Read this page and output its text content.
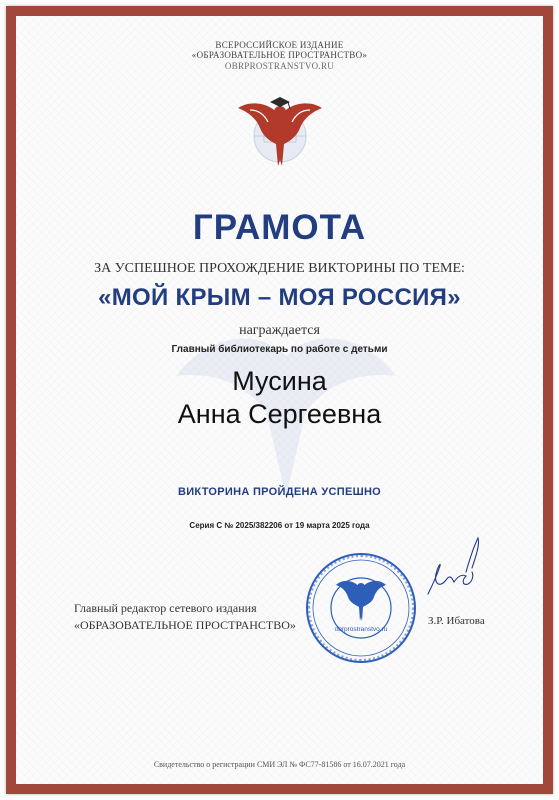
ВСЕРОССИЙСКОЕ ИЗДАНИЕ
«ОБРАЗОВАТЕЛЬНОЕ ПРОСТРАНСТВО»
OBRPROSTRANSTVO.RU
ГРАМОТА
ЗА УСПЕШНОЕ ПРОХОЖДЕНИЕ ВИКТОРИНЫ ПО ТЕМЕ:
«МОЙ КРЫМ – МОЯ РОССИЯ»
награждается
Главный библиотекарь по работе с детьми
Мусина
Анна Сергеевна
ВИКТОРИНА ПРОЙДЕНА УСПЕШНО
Серия С № 2025/382206 от 19 марта 2025 года
Главный редактор сетевого издания
«ОБРАЗОВАТЕЛЬНОЕ ПРОСТРАНСТВО»	obrprostranstvo.ru
З.Р. Ибатова
Свидетельство о регистрации СМИ ЭЛ № ФС77-81586 от 16.07.2021 года
